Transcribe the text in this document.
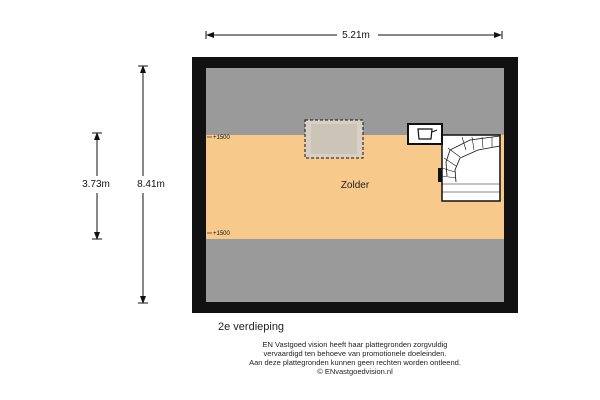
+1500
+1500
Zolder
5.21m
8.41m
3.73m
2e verdieping
EN Vastgoed vision heeft haar plattegronden zorgvuldig
vervaardigd ten behoeve van promotionele doeleinden.
Aan deze plattegronden kunnen geen rechten worden ontleend.
© ENvastgoedvision.nl
